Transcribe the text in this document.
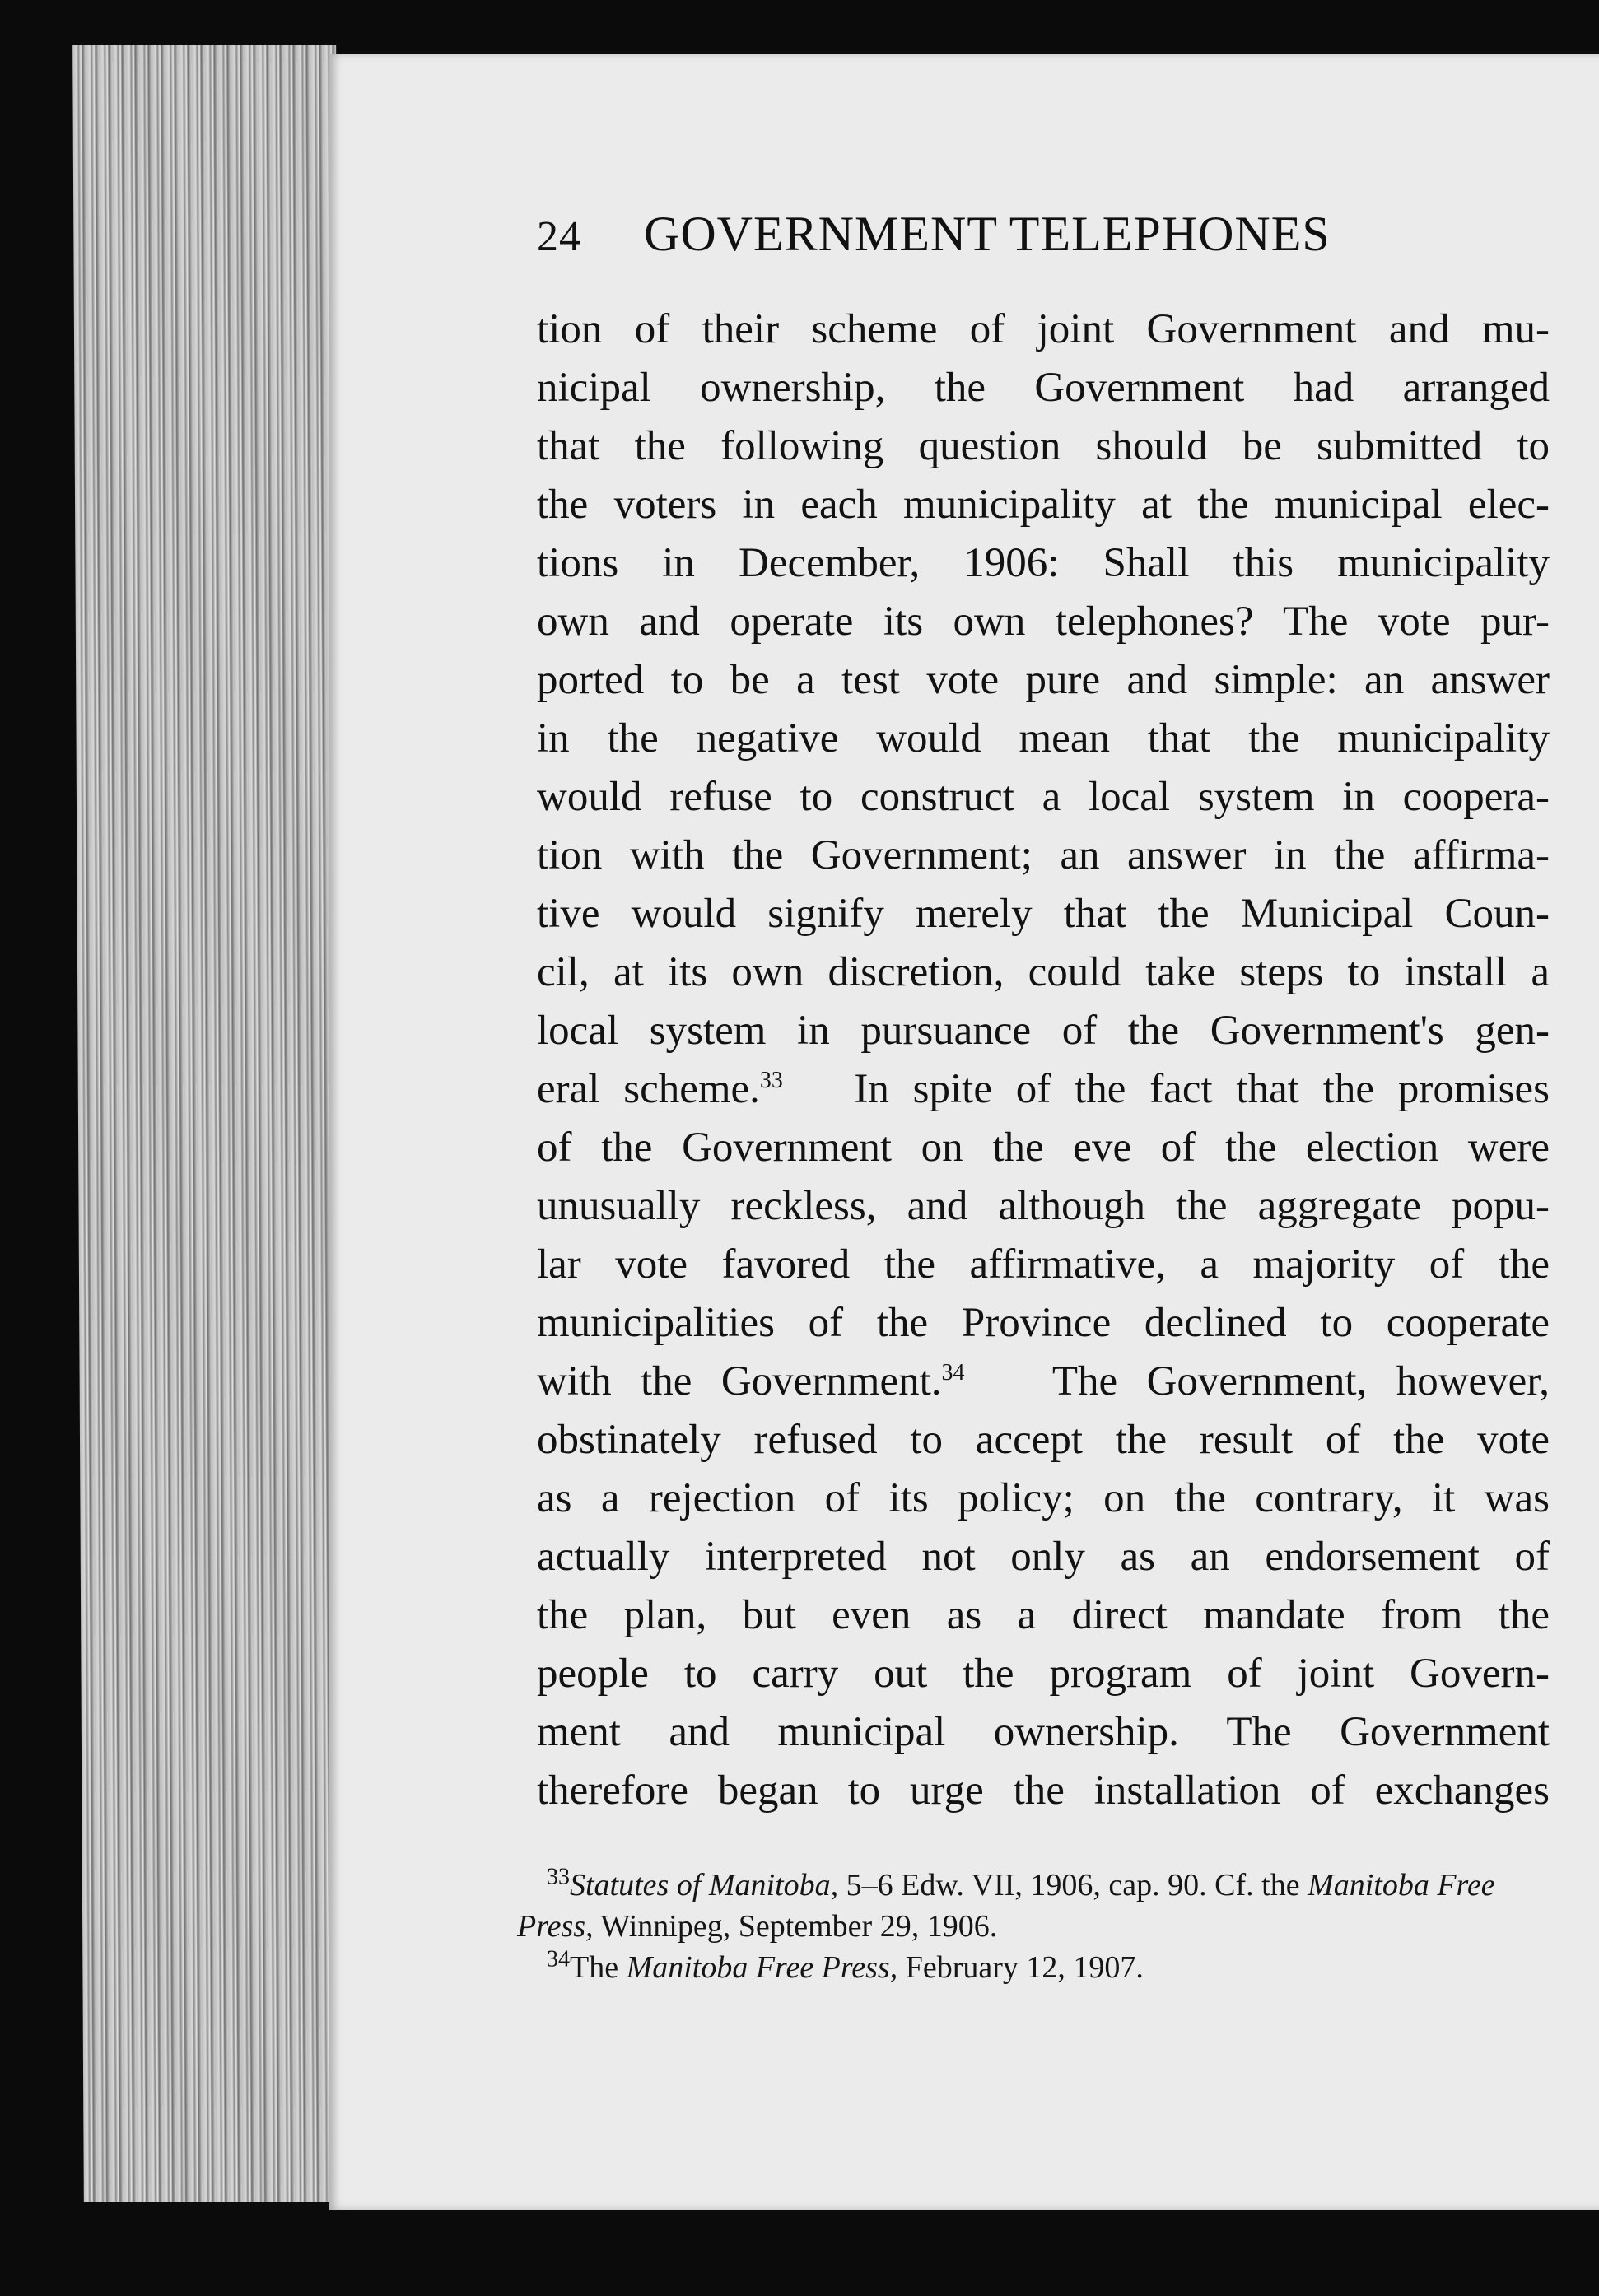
24	GOVERNMENT TELEPHONES

tion of their scheme of joint Government and mu-

nicipal ownership, the Government had arranged

that the following question should be submitted to

the voters in each municipality at the municipal elec-

tions in December, 1906: Shall this municipality

own and operate its own telephones? The vote pur-

ported to be a test vote pure and simple: an answer

in the negative would mean that the municipality

would refuse to construct a local system in coopera-

tion with the Government; an answer in the affirma-

tive would signify merely that the Municipal Coun-

cil, at its own discretion, could take steps to install a

local system in pursuance of the Government's gen-

eral scheme.$^{33}$ In spite of the fact that the promises

of the Government on the eve of the election were

unusually reckless, and although the aggregate popu-

lar vote favored the affirmative, a majority of the

municipalities of the Province declined to cooperate

with the Government.$^{34}$ The Government, however,

obstinately refused to accept the result of the vote

as a rejection of its policy; on the contrary, it was

actually interpreted not only as an endorsement of

the plan, but even as a direct mandate from the

people to carry out the program of joint Govern-

ment and municipal ownership. The Government

therefore began to urge the installation of exchanges

$^{33}$Statutes of Manitoba, 5–6 Edw. VII, 1906, cap. 90. Cf. the Manitoba Free Press, Winnipeg, September 29, 1906.

$^{34}$The Manitoba Free Press, February 12, 1907.
